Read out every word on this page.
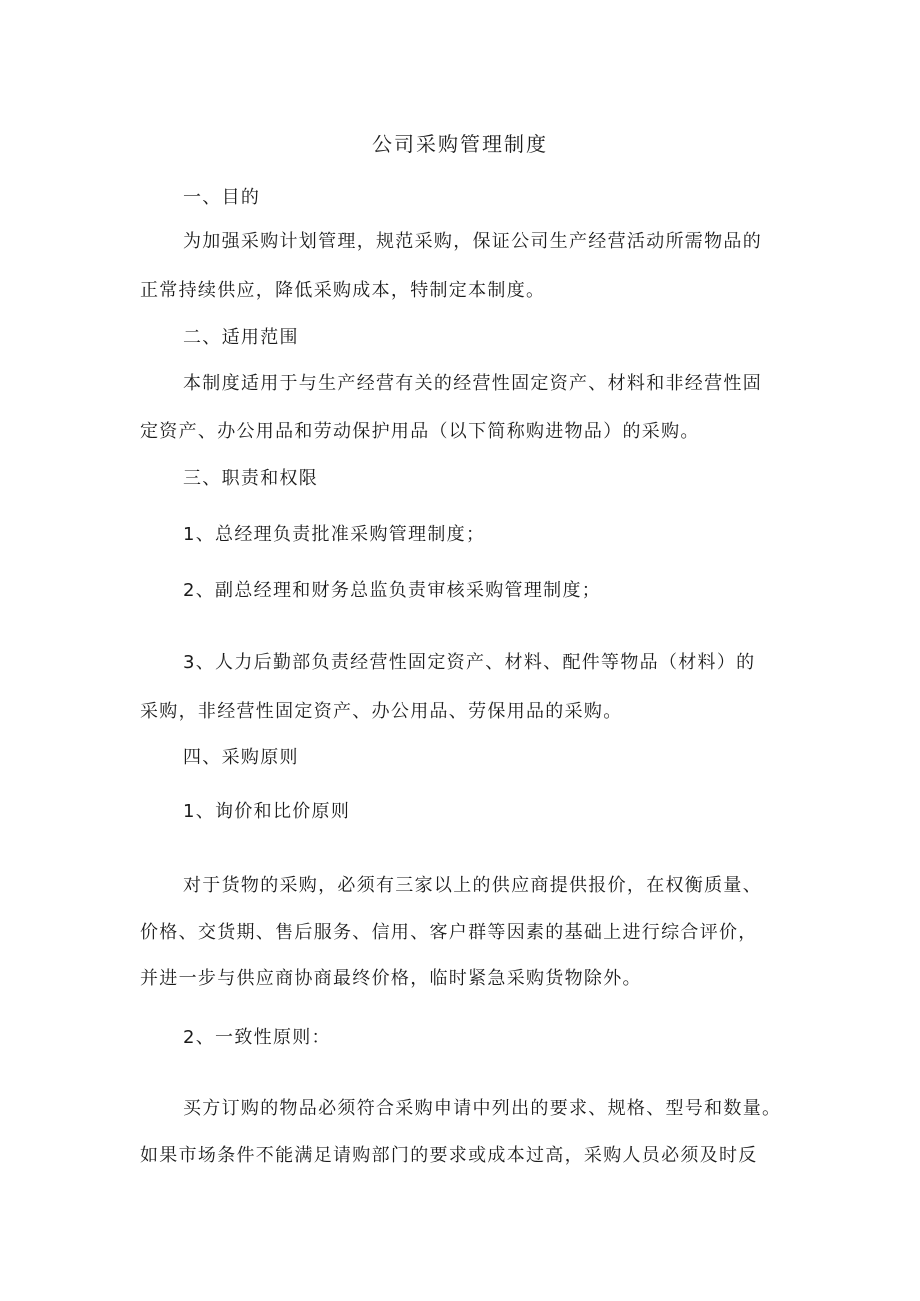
公司采购管理制度
一、目的
为加强采购计划管理，规范采购，保证公司生产经营活动所需物品的
正常持续供应，降低采购成本，特制定本制度。
二、适用范围
本制度适用于与生产经营有关的经营性固定资产、材料和非经营性固
定资产、办公用品和劳动保护用品（以下简称购进物品）的采购。
三、职责和权限
1、总经理负责批准采购管理制度；
2、副总经理和财务总监负责审核采购管理制度；
3、人力后勤部负责经营性固定资产、材料、配件等物品（材料）的
采购，非经营性固定资产、办公用品、劳保用品的采购。
四、采购原则
1、询价和比价原则
对于货物的采购，必须有三家以上的供应商提供报价，在权衡质量、
价格、交货期、售后服务、信用、客户群等因素的基础上进行综合评价，
并进一步与供应商协商最终价格，临时紧急采购货物除外。
2、一致性原则：
买方订购的物品必须符合采购申请中列出的要求、规格、型号和数量。
如果市场条件不能满足请购部门的要求或成本过高，采购人员必须及时反
